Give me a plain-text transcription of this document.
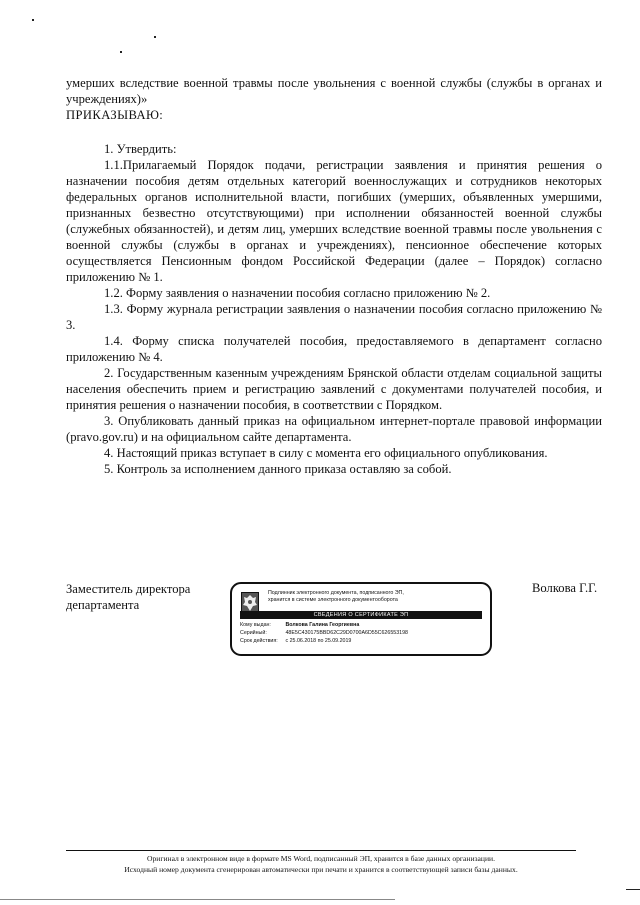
умерших вследствие военной травмы после увольнения с военной службы (службы в органах и учреждениях)»

ПРИКАЗЫВАЮ:

1. Утвердить:

1.1.Прилагаемый Порядок подачи, регистрации заявления и принятия решения о назначении пособия детям отдельных категорий военнослужащих и сотрудников некоторых федеральных органов исполнительной власти, погибших (умерших, объявленных умершими, признанных безвестно отсутствующими) при исполнении обязанностей военной службы (служебных обязанностей), и детям лиц, умерших вследствие военной травмы после увольнения с военной службы (службы в органах и учреждениях), пенсионное обеспечение которых осуществляется Пенсионным фондом Российской Федерации (далее – Порядок) согласно приложению № 1.

1.2. Форму заявления о назначении пособия согласно приложению № 2.

1.3. Форму журнала регистрации заявления о назначении пособия согласно приложению № 3.

1.4. Форму списка получателей пособия, предоставляемого в департамент согласно приложению № 4.

2. Государственным казенным учреждениям Брянской области отделам социальной защиты населения обеспечить прием и регистрацию заявлений с документами получателей пособия, и принятия решения о назначении пособия, в соответствии с Порядком.

3. Опубликовать данный приказ на официальном интернет-портале правовой информации (pravo.gov.ru) и на официальном сайте департамента.

4. Настоящий приказ вступает в силу с момента его официального опубликования.

5. Контроль за исполнением данного приказа оставляю за собой.

Заместитель директора
департамента
Подлинник электронного документа, подписанного ЭП,
хранится в системе электронного документооборота
СВЕДЕНИЯ О СЕРТИФИКАТЕ ЭП
Кому выдан:	Волкова Галина Георгиевна
Серийный:	48E5C430175BBD62C29D0700A6D55C626553198
Срок действия: с 25.06.2018 по 25.09.2019
Волкова Г.Г.
Оригинал в электронном виде в формате MS Word, подписанный ЭП, хранится в базе данных организации.
Исходный номер документа сгенерирован автоматически при печати и хранится в соответствующей записи базы данных.
